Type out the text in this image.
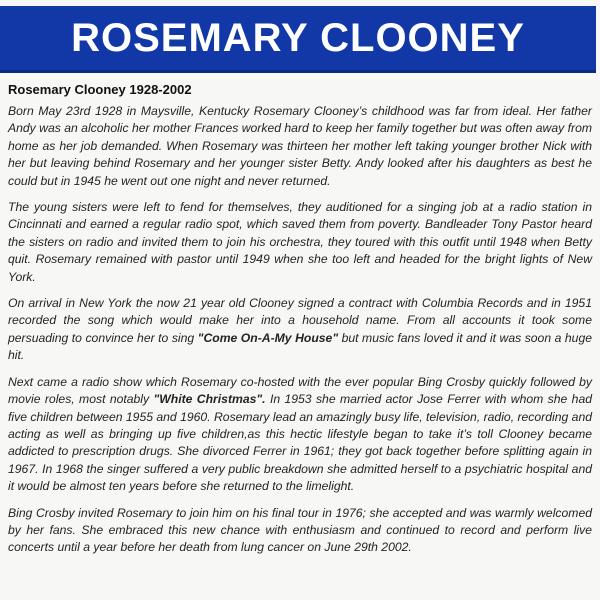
ROSEMARY CLOONEY

Rosemary Clooney 1928-2002

Born May 23rd 1928 in Maysville, Kentucky Rosemary Clooney’s childhood was far from ideal. Her father Andy was an alcoholic her mother Frances worked hard to keep her family together but was often away from home as her job demanded. When Rosemary was thirteen her mother left taking younger brother Nick with her but leaving behind Rosemary and her younger sister Betty. Andy looked after his daughters as best he could but in 1945 he went out one night and never returned.

The young sisters were left to fend for themselves, they auditioned for a singing job at a radio station in Cincinnati and earned a regular radio spot, which saved them from poverty. Bandleader Tony Pastor heard the sisters on radio and invited them to join his orchestra, they toured with this outfit until 1948 when Betty quit. Rosemary remained with pastor until 1949 when she too left and headed for the bright lights of New York.

On arrival in New York the now 21 year old Clooney signed a contract with Columbia Records and in 1951 recorded the song which would make her into a household name. From all accounts it took some persuading to convince her to sing "Come On-A-My House" but music fans loved it and it was soon a huge hit.

Next came a radio show which Rosemary co-hosted with the ever popular Bing Crosby quickly followed by movie roles, most notably "White Christmas". In 1953 she married actor Jose Ferrer with whom she had five children between 1955 and 1960. Rosemary lead an amazingly busy life, television, radio, recording and acting as well as bringing up five children,as this hectic lifestyle began to take it’s toll Clooney became addicted to prescription drugs. She divorced Ferrer in 1961; they got back together before splitting again in 1967. In 1968 the singer suffered a very public breakdown she admitted herself to a psychiatric hospital and it would be almost ten years before she returned to the limelight.

Bing Crosby invited Rosemary to join him on his final tour in 1976; she accepted and was warmly welcomed by her fans. She embraced this new chance with enthusiasm and continued to record and perform live concerts until a year before her death from lung cancer on June 29th 2002.
